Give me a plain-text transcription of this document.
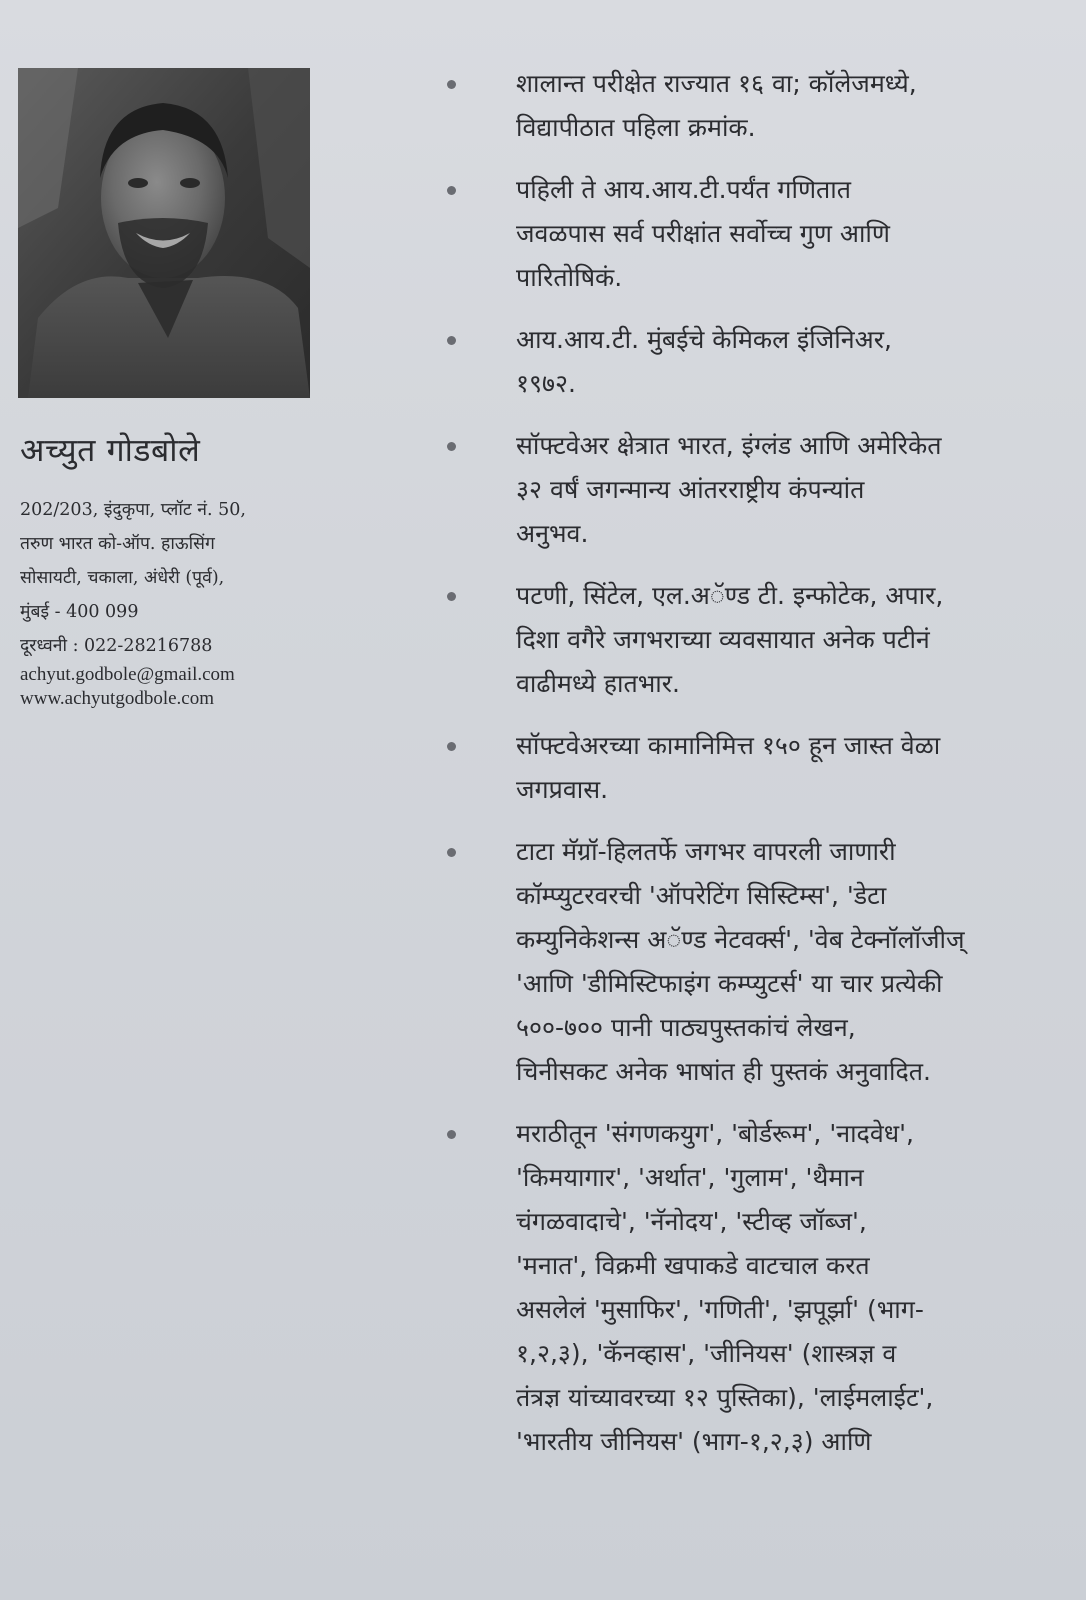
अच्युत गोडबोले
202/203, इंदुकृपा, प्लॉट नं. 50,
तरुण भारत को-ऑप. हाऊसिंग
सोसायटी, चकाला, अंधेरी (पूर्व),
मुंबई - 400 099
दूरध्वनी : 022-28216788
achyut.godbole@gmail.com
www.achyutgodbole.com
शालान्त परीक्षेत राज्यात १६ वा; कॉलेजमध्ये,
विद्यापीठात पहिला क्रमांक.
पहिली ते आय.आय.टी.पर्यंत गणितात
जवळपास सर्व परीक्षांत सर्वोच्च गुण आणि
पारितोषिकं.
आय.आय.टी. मुंबईचे केमिकल इंजिनिअर,
१९७२.
सॉफ्टवेअर क्षेत्रात भारत, इंग्लंड आणि अमेरिकेत
३२ वर्षं जगन्मान्य आंतरराष्ट्रीय कंपन्यांत
अनुभव.
पटणी, सिंटेल, एल.अॅण्ड टी. इन्फोटेक, अपार,
दिशा वगैरे जगभराच्या व्यवसायात अनेक पटीनं
वाढीमध्ये हातभार.
सॉफ्टवेअरच्या कामानिमित्त १५० हून जास्त वेळा
जगप्रवास.
टाटा मॅग्रॉ-हिलतर्फे जगभर वापरली जाणारी
कॉम्प्युटरवरची 'ऑपरेटिंग सिस्टिम्स', 'डेटा
कम्युनिकेशन्स अॅण्ड नेटवर्क्स', 'वेब टेक्नॉलॉजीज्
'आणि 'डीमिस्टिफाइंग कम्प्युटर्स' या चार प्रत्येकी
५००-७०० पानी पाठ्यपुस्तकांचं लेखन,
चिनीसकट अनेक भाषांत ही पुस्तकं अनुवादित.
मराठीतून 'संगणकयुग', 'बोर्डरूम', 'नादवेध',
'किमयागार', 'अर्थात', 'गुलाम', 'थैमान
चंगळवादाचे', 'नॅनोदय', 'स्टीव्ह जॉब्ज',
'मनात', विक्रमी खपाकडे वाटचाल करत
असलेलं 'मुसाफिर', 'गणिती', 'झपूर्झा' (भाग-
१,२,३), 'कॅनव्हास', 'जीनियस' (शास्त्रज्ञ व
तंत्रज्ञ यांच्यावरच्या १२ पुस्तिका), 'लाईमलाईट',
'भारतीय जीनियस' (भाग-१,२,३) आणि
